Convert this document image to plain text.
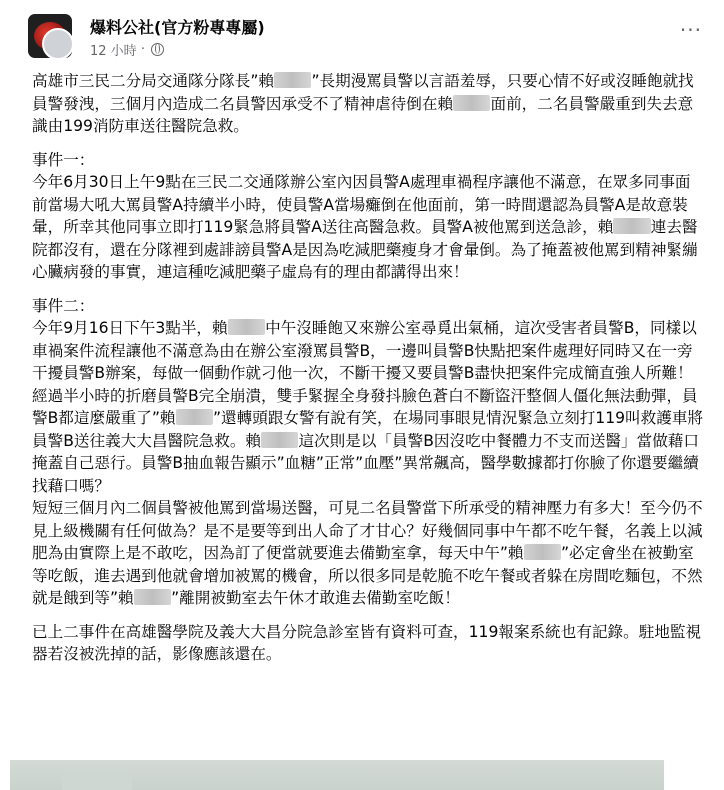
爆料公社(官方粉專專屬)
12 小時 ·
···

高雄市三民二分局交通隊分隊長”賴 ”長期漫罵員警以言語羞辱，只要心情不好或沒睡飽就找員警發洩，三個月內造成二名員警因承受不了精神虐待倒在賴 面前，二名員警嚴重到失去意識由199消防車送往醫院急救。

事件一：
今年6月30日上午9點在三民二交通隊辦公室內因員警A處理車禍程序讓他不滿意，在眾多同事面前當場大吼大罵員警A持續半小時，使員警A當場癱倒在他面前，第一時間還認為員警A是故意裝暈，所幸其他同事立即打119緊急將員警A送往高醫急救。員警A被他罵到送急診，賴 連去醫院都沒有，還在分隊裡到處誹謗員警A是因為吃減肥藥瘦身才會暈倒。為了掩蓋被他罵到精神緊繃心臟病發的事實，連這種吃減肥藥子虛烏有的理由都講得出來！

事件二：
今年9月16日下午3點半，賴 中午沒睡飽又來辦公室尋覓出氣桶，這次受害者員警B，同樣以車禍案件流程讓他不滿意為由在辦公室潑罵員警B，一邊叫員警B快點把案件處理好同時又在一旁干擾員警B辦案，每做一個動作就刁他一次，不斷干擾又要員警B盡快把案件完成簡直強人所難！經過半小時的折磨員警B完全崩潰，雙手緊握全身發抖臉色蒼白不斷盜汗整個人僵化無法動彈，員警B都這麼嚴重了”賴 ”還轉頭跟女警有說有笑，在場同事眼見情況緊急立刻打119叫救護車將員警B送往義大大昌醫院急救。賴 這次則是以「員警B因沒吃中餐體力不支而送醫」當做藉口掩蓋自己惡行。員警B抽血報告顯示”血糖”正常”血壓”異常飆高，醫學數據都打你臉了你還要繼續找藉口嗎？
短短三個月內二個員警被他罵到當場送醫，可見二名員警當下所承受的精神壓力有多大！至今仍不見上級機關有任何做為？是不是要等到出人命了才甘心？好幾個同事中午都不吃午餐，名義上以減肥為由實際上是不敢吃，因為訂了便當就要進去備勤室拿，每天中午”賴 ”必定會坐在被勤室等吃飯，進去遇到他就會增加被罵的機會，所以很多同是乾脆不吃午餐或者躲在房間吃麵包，不然就是餓到等”賴 ”離開被勤室去午休才敢進去備勤室吃飯！

已上二事件在高雄醫學院及義大大昌分院急診室皆有資料可查，119報案系統也有記錄。駐地監視器若沒被洗掉的話，影像應該還在。
